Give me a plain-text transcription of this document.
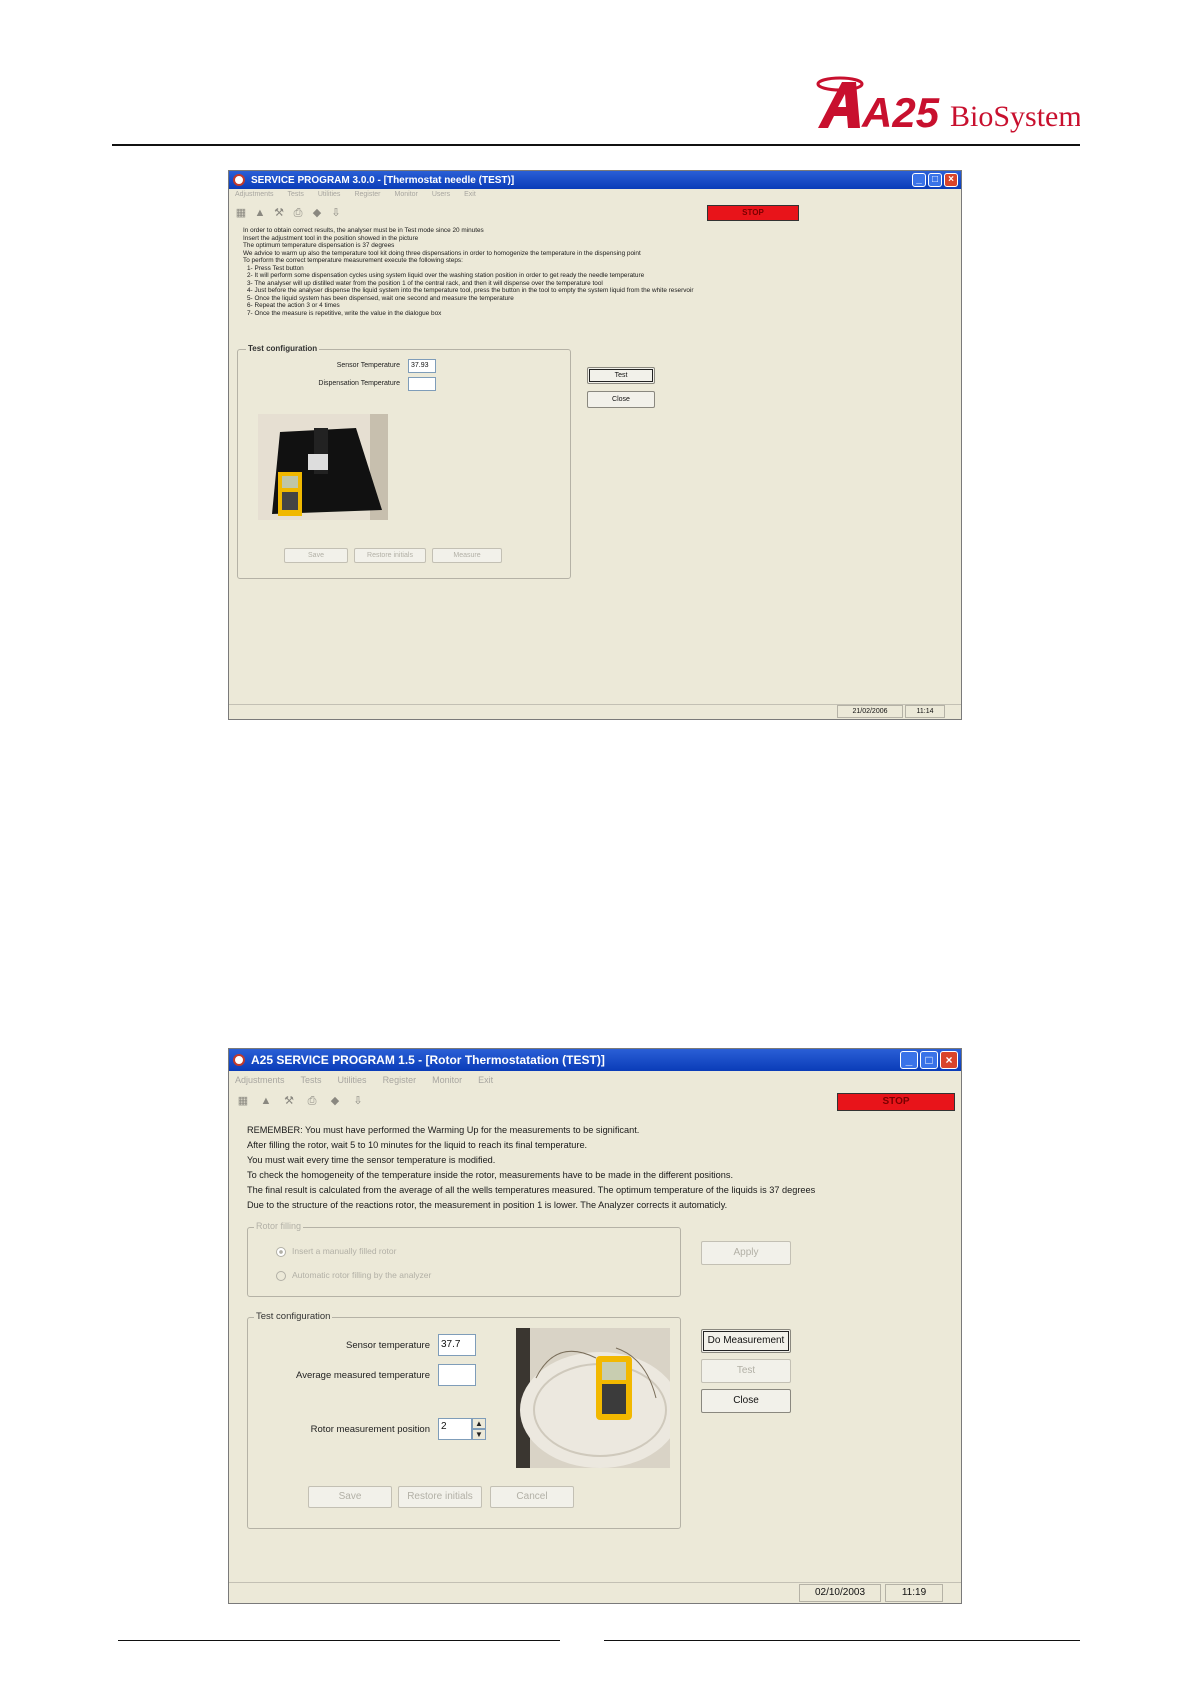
A25 BioSystems
SERVICE PROGRAM 3.0.0 - [Thermostat needle (TEST)]	_	□	×
Adjustments Tests Utilities Register Monitor Users Exit
▦ ▲ ⚒ ⎙ ◆ ⇩	STOP
In order to obtain correct results, the analyser must be in Test mode since 20 minutes
Insert the adjustment tool in the position showed in the picture
The optimum temperature dispensation is 37 degrees
We advice to warm up also the temperature tool kit doing three dispensations in order to homogenize the temperature in the dispensing point
To perform the correct temperature measurement execute the following steps:
1- Press Test button
2- It will perform some dispensation cycles using system liquid over the washing station position in order to get ready the needle temperature
3- The analyser will up distilled water from the position 1 of the central rack, and then it will dispense over the temperature tool
4- Just before the analyser dispense the liquid system into the temperature tool, press the button in the tool to empty the system liquid from the white reservoir
5- Once the liquid system has been dispensed, wait one second and measure the temperature
6- Repeat the action 3 or 4 times
7- Once the measure is repetitive, write the value in the dialogue box
Test configuration
Sensor Temperature	37.93
Dispensation Temperature
Save	Restore initials	Measure
Test
Close
21/02/2006	11:14
A25 SERVICE PROGRAM 1.5 - [Rotor Thermostatation (TEST)]	_	□	×
Adjustments Tests Utilities Register Monitor Exit
▦	▲	⚒	⎙	◆	⇩	STOP
REMEMBER: You must have performed the Warming Up for the measurements to be significant.
After filling the rotor, wait 5 to 10 minutes for the liquid to reach its final temperature.
You must wait every time the sensor temperature is modified.
To check the homogeneity of the temperature inside the rotor, measurements have to be made in the different positions.
The final result is calculated from the average of all the wells temperatures measured. The optimum temperature of the liquids is 37 degrees
Due to the structure of the reactions rotor, the measurement in position 1 is lower. The Analyzer corrects it automaticly.
Rotor filling
Insert a manually filled rotor
Automatic rotor filling by the analyzer
Apply
Test configuration
Sensor temperature	37.7
Average measured temperature
Rotor measurement position	2	▲
▼
Save	Restore initials	Cancel
Do Measurement
Test
Close
02/10/2003	11:19
